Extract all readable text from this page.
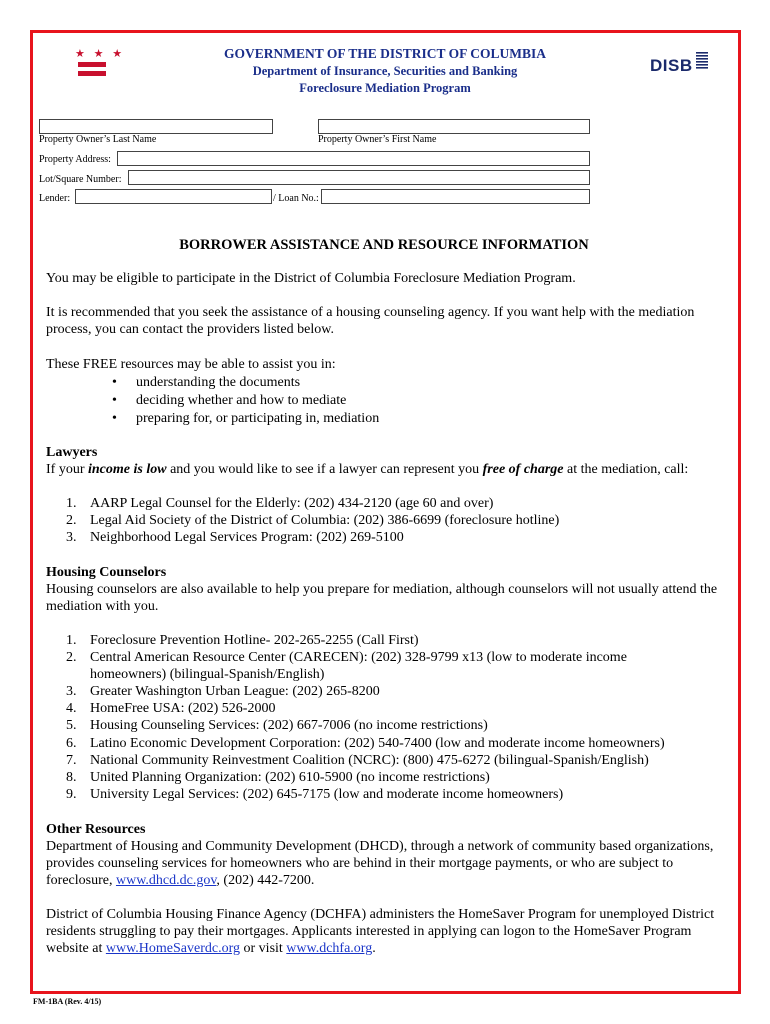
★ ★ ★	GOVERNMENT OF THE DISTRICT OF COLUMBIA
Department of Insurance, Securities and Banking
Foreclosure Mediation Program
DISB
Property Owner’s Last Name	Property Owner’s First Name
Property Address:
Lot/Square Number:
Lender:	/ Loan No.:
BORROWER ASSISTANCE AND RESOURCE INFORMATION
You may be eligible to participate in the District of Columbia Foreclosure Mediation Program.
It is recommended that you seek the assistance of a housing counseling agency. If you want help with the mediation process, you can contact the providers listed below.
These FREE resources may be able to assist you in:
• understanding the documents
• deciding whether and how to mediate
• preparing for, or participating in, mediation
Lawyers
If your income is low and you would like to see if a lawyer can represent you free of charge at the mediation, call:
1. AARP Legal Counsel for the Elderly: (202) 434-2120 (age 60 and over)
2. Legal Aid Society of the District of Columbia: (202) 386-6699 (foreclosure hotline)
3. Neighborhood Legal Services Program: (202) 269-5100
Housing Counselors
Housing counselors are also available to help you prepare for mediation, although counselors will not usually attend the mediation with you.
1. Foreclosure Prevention Hotline- 202-265-2255 (Call First)
2. Central American Resource Center (CARECEN): (202) 328-9799 x13 (low to moderate income
homeowners) (bilingual-Spanish/English)
3. Greater Washington Urban League: (202) 265-8200
4. HomeFree USA: (202) 526-2000
5. Housing Counseling Services: (202) 667-7006 (no income restrictions)
6. Latino Economic Development Corporation: (202) 540-7400 (low and moderate income homeowners)
7. National Community Reinvestment Coalition (NCRC): (800) 475-6272 (bilingual-Spanish/English)
8. United Planning Organization: (202) 610-5900 (no income restrictions)
9. University Legal Services: (202) 645-7175 (low and moderate income homeowners)
Other Resources
Department of Housing and Community Development (DHCD), through a network of community based organizations, provides counseling services for homeowners who are behind in their mortgage payments, or who are subject to foreclosure, www.dhcd.dc.gov, (202) 442-7200.
District of Columbia Housing Finance Agency (DCHFA) administers the HomeSaver Program for unemployed District residents struggling to pay their mortgages. Applicants interested in applying can logon to the HomeSaver Program website at www.HomeSaverdc.org or visit www.dchfa.org.
FM-1BA (Rev. 4/15)
